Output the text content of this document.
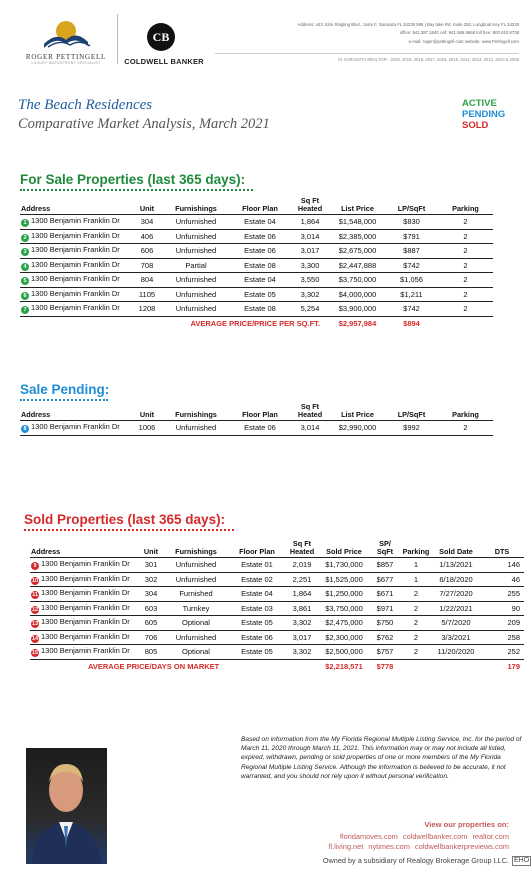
ROGER PETTINGELL
LUXURY WATERFRONT SPECIALIST
CB
COLDWELL BANKER
Address: 443 John Ringling Blvd., Suite F, Sarasota FL 34236 595 | Bay take Rd. Suite 250, Longboat Key FL 34228
office: 941.387.1840 cell: 941.586.8668 toll free: 800.910.8738
e-mail: roger@pettingell.com website: www.Pettingell.com
#1 SARASOTA REALTOR - 2020, 2019, 2018, 2017, 2016, 2015, 2014, 2013, 2012, 2010 & 2008
The Beach Residences
Comparative Market Analysis, March 2021
ACTIVE
PENDING
SOLD
For Sale Properties (last 365 days):
Address	Unit	Furnishings	Floor Plan	Sq Ft Heated	List Price	LP/SqFt	Parking
1 1300 Benjamin Franklin Dr	304	Unfurnished	Estate 04	1,864	$1,548,000	$830	2
2 1300 Benjamin Franklin Dr	406	Unfurnished	Estate 06	3,014	$2,385,000	$791	2
3 1300 Benjamin Franklin Dr	606	Unfurnished	Estate 06	3,017	$2,675,000	$887	2
4 1300 Benjamin Franklin Dr	708	Partial	Estate 08	3,300	$2,447,888	$742	2
5 1300 Benjamin Franklin Dr	804	Unfurnished	Estate 04	3,550	$3,750,000	$1,056	2
6 1300 Benjamin Franklin Dr	1105	Unfurnished	Estate 05	3,302	$4,000,000	$1,211	2
7 1300 Benjamin Franklin Dr	1208	Unfurnished	Estate 08	5,254	$3,900,000	$742	2
AVERAGE PRICE/PRICE PER SQ.FT.					$2,957,984	$894	
Sale Pending:
Address	Unit	Furnishings	Floor Plan	Sq Ft Heated	List Price	LP/SqFt	Parking
8 1300 Benjamin Franklin Dr	1006	Unfurnished	Estate 06	3,014	$2,990,000	$992	2
Sold Properties (last 365 days):
Address	Unit	Furnishings	Floor Plan	Sq Ft Heated	Sold Price	SP/ SqFt	Parking	Sold Date	DTS
9 1300 Benjamin Franklin Dr	301	Unfurnished	Estate 01	2,019	$1,730,000	$857	1	1/13/2021	146
10 1300 Benjamin Franklin Dr	302	Unfurnished	Estate 02	2,251	$1,525,000	$677	1	6/18/2020	46
11 1300 Benjamin Franklin Dr	304	Furnished	Estate 04	1,864	$1,250,000	$671	2	7/27/2020	255
12 1300 Benjamin Franklin Dr	603	Turnkey	Estate 03	3,861	$3,750,000	$971	2	1/22/2021	90
13 1300 Benjamin Franklin Dr	605	Optional	Estate 05	3,302	$2,475,000	$750	2	5/7/2020	209
14 1300 Benjamin Franklin Dr	706	Unfurnished	Estate 06	3,017	$2,300,000	$762	2	3/3/2021	258
15 1300 Benjamin Franklin Dr	805	Optional	Estate 05	3,302	$2,500,000	$757	2	11/20/2020	252
AVERAGE PRICE/DAYS ON MARKET					$2,218,571	$778			179
Based on information from the My Florida Regional Multiple Listing Service, Inc. for the period of March 11, 2020 through March 11, 2021. This information may or may not include all listed, expired, withdrawn, pending or sold properties of one or more members of the My Florida Regional Multiple Listing Service. Although the information is believed to be accurate, it not warranted, and you should not rely upon it without personal verification.
View our properties on:
floridamoves.com coldwellbanker.com realtor.com
fl.living.net nytimes.com coldwellbankerpreviews.com
Owned by a subsidiary of Realogy Brokerage Group LLC. EHO
